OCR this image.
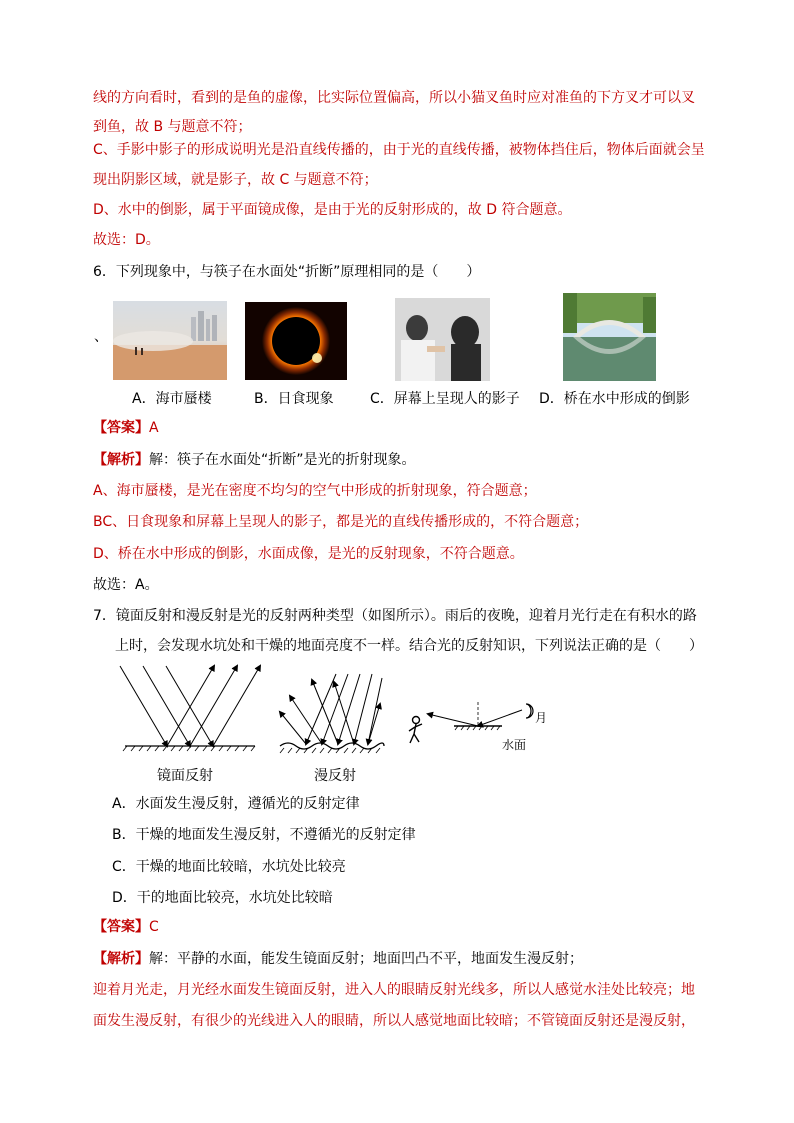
线的方向看时，看到的是鱼的虚像，比实际位置偏高，所以小猫叉鱼时应对准鱼的下方叉才可以叉
到鱼，故 B 与题意不符；
C、手影中影子的形成说明光是沿直线传播的，由于光的直线传播，被物体挡住后，物体后面就会呈
现出阴影区域，就是影子，故 C 与题意不符；
D、水中的倒影，属于平面镜成像，是由于光的反射形成的，故 D 符合题意。
故选：D。
6．下列现象中，与筷子在水面处“折断”原理相同的是（　　）
、
A．海市蜃楼	B．日食现象	C．屏幕上呈现人的影子 D．桥在水中形成的倒影
【答案】A
【解析】解：筷子在水面处“折断”是光的折射现象。
A、海市蜃楼，是光在密度不均匀的空气中形成的折射现象，符合题意；
BC、日食现象和屏幕上呈现人的影子，都是光的直线传播形成的，不符合题意；
D、桥在水中形成的倒影，水面成像，是光的反射现象，不符合题意。
故选：A。
7．镜面反射和漫反射是光的反射两种类型（如图所示）。雨后的夜晚，迎着月光行走在有积水的路
上时，会发现水坑处和干燥的地面亮度不一样。结合光的反射知识，下列说法正确的是（　　）
月
水面
镜面反射	漫反射
A．水面发生漫反射，遵循光的反射定律
B．干燥的地面发生漫反射，不遵循光的反射定律
C．干燥的地面比较暗，水坑处比较亮
D．干的地面比较亮，水坑处比较暗
【答案】C
【解析】解：平静的水面，能发生镜面反射；地面凹凸不平，地面发生漫反射；
迎着月光走，月光经水面发生镜面反射，进入人的眼睛反射光线多，所以人感觉水洼处比较亮；地
面发生漫反射，有很少的光线进入人的眼睛，所以人感觉地面比较暗；不管镜面反射还是漫反射，
